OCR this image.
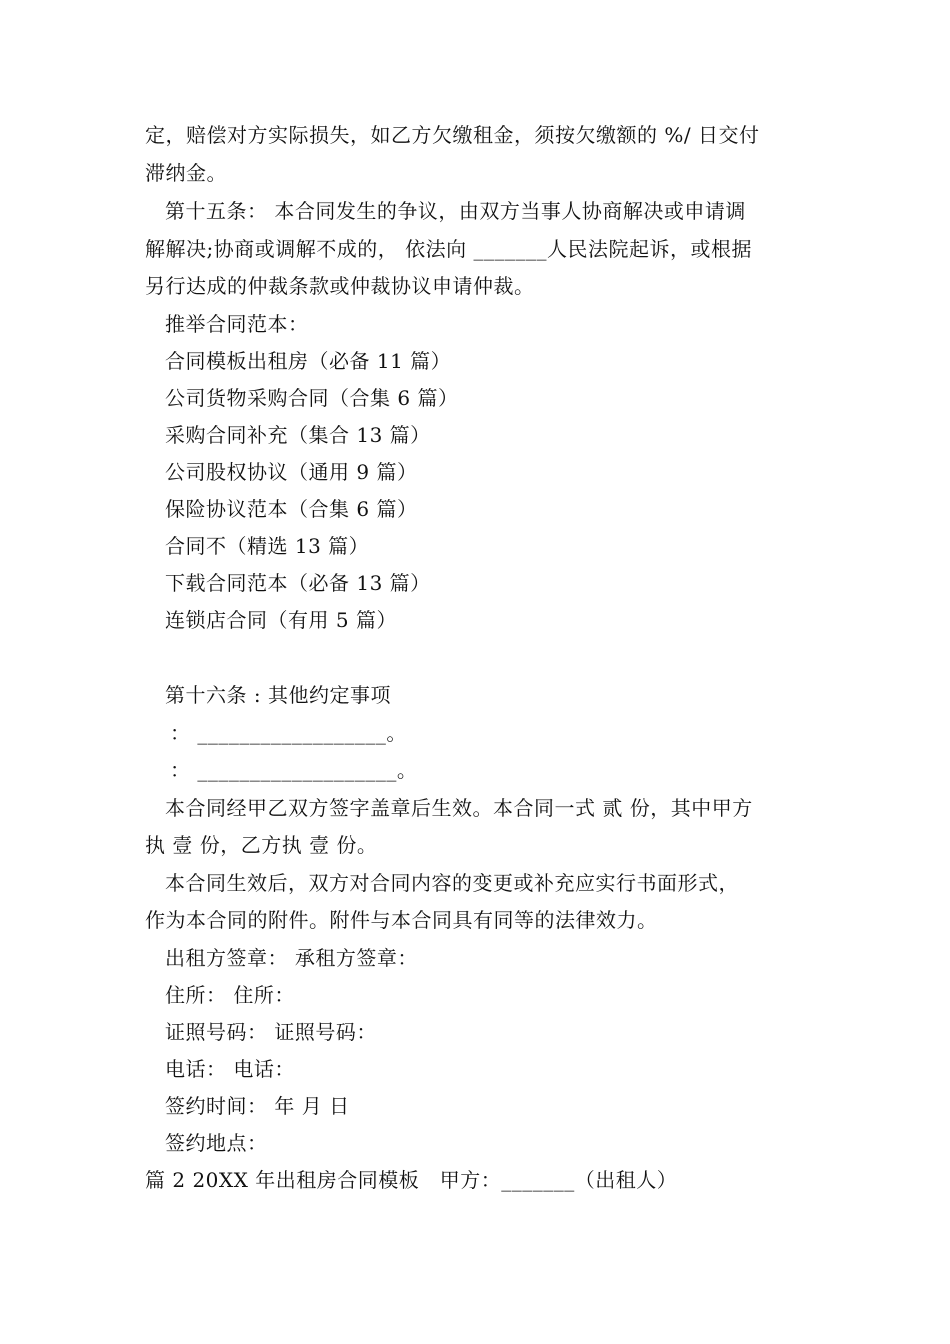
定，赔偿对方实际损失，如乙方欠缴租金，须按欠缴额的 %/ 日交付
滞纳金。
第十五条： 本合同发生的争议，由双方当事人协商解决或申请调
解解决;协商或调解不成的， 依法向 _______人民法院起诉，或根据
另行达成的仲裁条款或仲裁协议申请仲裁。
推举合同范本：
合同模板出租房（必备 11 篇）
公司货物采购合同（合集 6 篇）
采购合同补充（集合 13 篇）
公司股权协议（通用 9 篇）
保险协议范本（合集 6 篇）
合同不（精选 13 篇）
下载合同范本（必备 13 篇）
连锁店合同（有用 5 篇）
第十六条 : 其他约定事项
： __________________。
： ___________________。
本合同经甲乙双方签字盖章后生效。本合同一式 贰 份，其中甲方
执 壹 份，乙方执 壹 份。
本合同生效后，双方对合同内容的变更或补充应实行书面形式，
作为本合同的附件。附件与本合同具有同等的法律效力。
出租方签章： 承租方签章：
住所： 住所：
证照号码： 证照号码：
电话： 电话：
签约时间： 年 月 日
签约地点：
篇 2 20XX 年出租房合同模板　甲方：_______（出租人）
